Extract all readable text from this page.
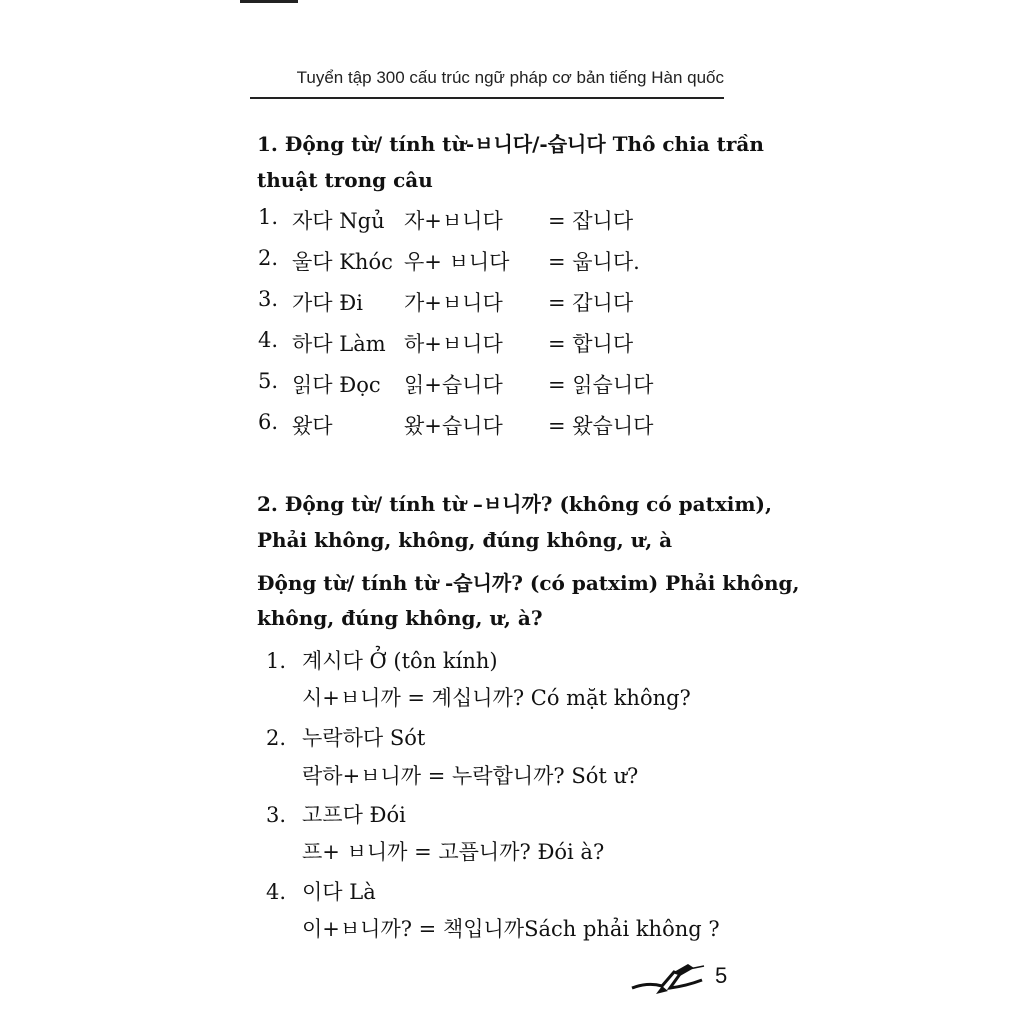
Tuyển tập 300 cấu trúc ngữ pháp cơ bản tiếng Hàn quốc
1. Động từ/ tính từ-ㅂ니다/-습니다 Thô chia trần
thuật trong câu
1. 자다 Ngủ 자+ㅂ니다 = 잡니다
2. 울다 Khóc 우+ ㅂ니다 = 웁니다.
3. 가다 Đi 가+ㅂ니다 = 갑니다
4. 하다 Làm 하+ㅂ니다 = 합니다
5. 읽다 Đọc 읽+습니다 = 읽습니다
6. 왔다	왔+습니다 = 왔습니다
2. Động từ/ tính từ –ㅂ니까? (không có patxim),
Phải không, không, đúng không, ư, à
Động từ/ tính từ -습니까? (có patxim) Phải không,
không, đúng không, ư, à?
1. 계시다 Ở (tôn kính)
시+ㅂ니까 = 계십니까? Có mặt không?
2. 누락하다 Sót
락하+ㅂ니까 = 누락합니까? Sót ư?
3. 고프다 Đói
프+ ㅂ니까 = 고픕니까? Đói à?
4. 이다 Là
이+ㅂ니까? = 책입니까Sách phải không ?
5
